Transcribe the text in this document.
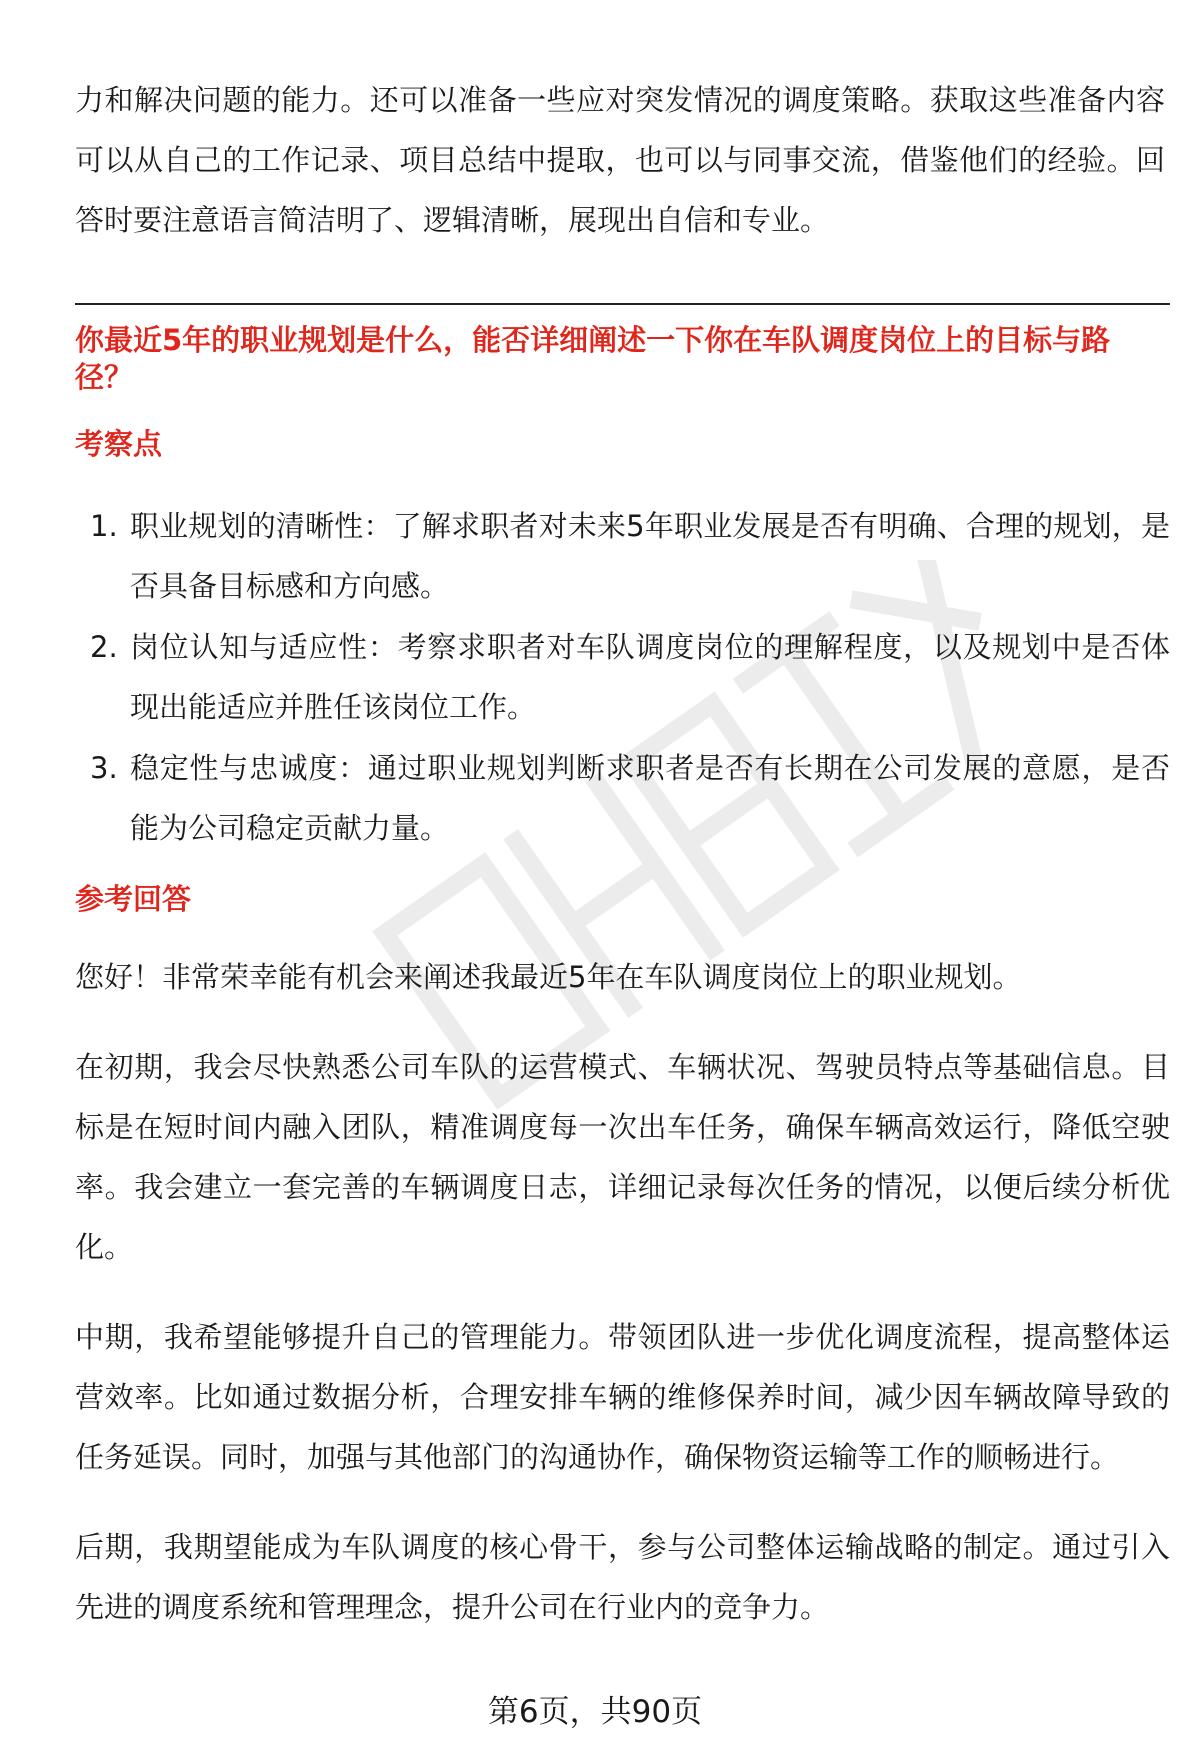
力和解决问题的能力。还可以准备一些应对突发情况的调度策略。获取这些准备内容可以从自己的工作记录、项目总结中提取，也可以与同事交流，借鉴他们的经验。回答时要注意语言简洁明了、逻辑清晰，展现出自信和专业。

你最近5年的职业规划是什么，能否详细阐述一下你在车队调度岗位上的目标与路径？
考察点
1. 职业规划的清晰性：了解求职者对未来5年职业发展是否有明确、合理的规划，是否具备目标感和方向感。
2. 岗位认知与适应性：考察求职者对车队调度岗位的理解程度，以及规划中是否体现出能适应并胜任该岗位工作。
3. 稳定性与忠诚度：通过职业规划判断求职者是否有长期在公司发展的意愿，是否能为公司稳定贡献力量。
参考回答

您好！非常荣幸能有机会来阐述我最近5年在车队调度岗位上的职业规划。

在初期，我会尽快熟悉公司车队的运营模式、车辆状况、驾驶员特点等基础信息。目标是在短时间内融入团队，精准调度每一次出车任务，确保车辆高效运行，降低空驶率。我会建立一套完善的车辆调度日志，详细记录每次任务的情况，以便后续分析优化。

中期，我希望能够提升自己的管理能力。带领团队进一步优化调度流程，提高整体运营效率。比如通过数据分析，合理安排车辆的维修保养时间，减少因车辆故障导致的任务延误。同时，加强与其他部门的沟通协作，确保物资运输等工作的顺畅进行。

后期，我期望能成为车队调度的核心骨干，参与公司整体运输战略的制定。通过引入先进的调度系统和管理理念，提升公司在行业内的竞争力。

第6页，共90页
